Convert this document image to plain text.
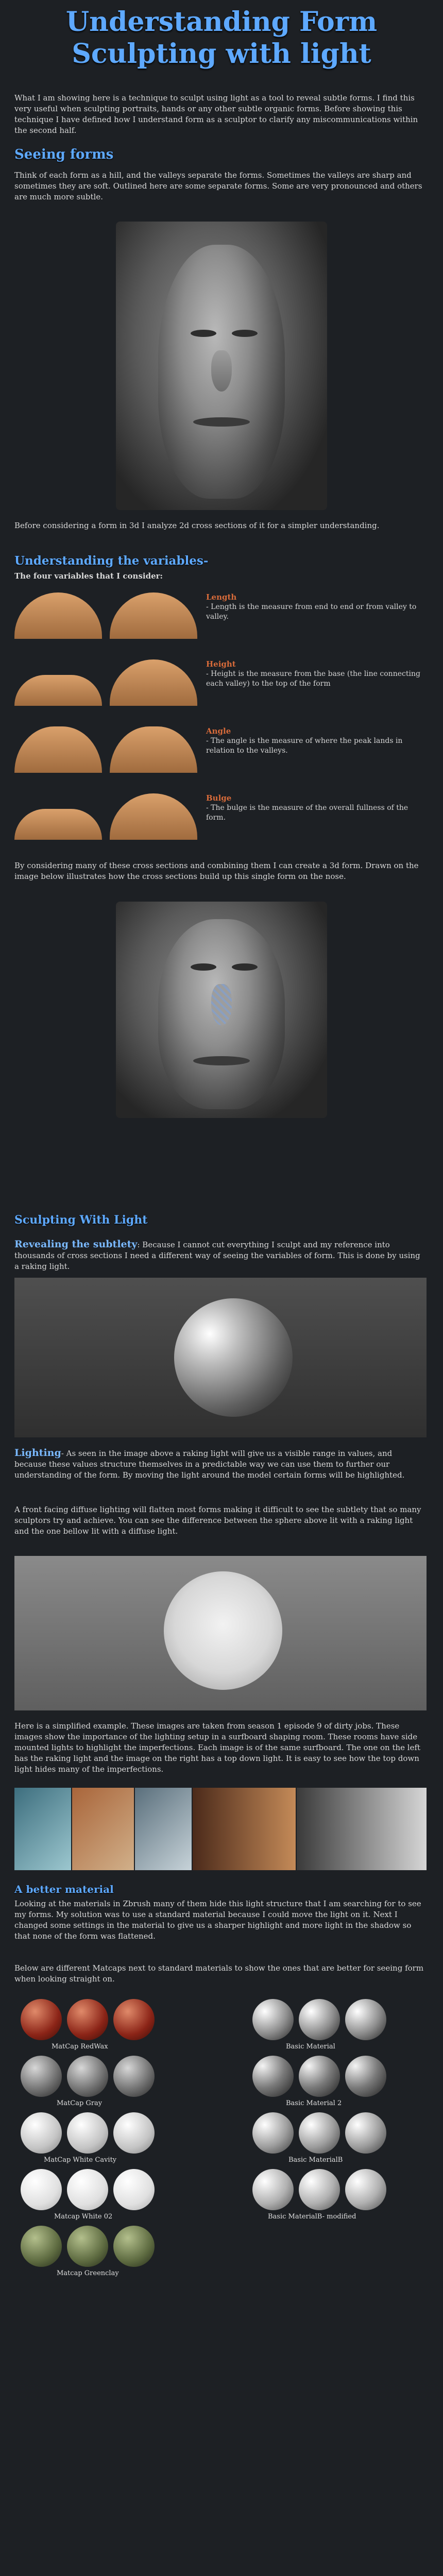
Understanding Form
Sculpting with light
What I am showing here is a technique to sculpt using light as a tool to reveal subtle forms. I find this very useful when sculpting portraits, hands or any other subtle organic forms. Before showing this technique I have defined how I understand form as a sculptor to clarify any miscommunications within the second half.
Seeing forms
Think of each form as a hill, and the valleys separate the forms. Sometimes the valleys are sharp and sometimes they are soft. Outlined here are some separate forms. Some are very pronounced and others are much more subtle.
Before considering a form in 3d I analyze 2d cross sections of it for a simpler understanding.
Understanding the variables-
The four variables that I consider:
Length
- Length is the measure from end to end or from valley to valley.
Height
- Height is the measure from the base (the line connecting each valley) to the top of the form
Angle
- The angle is the measure of where the peak lands in relation to the valleys.
Bulge
- The bulge is the measure of the overall fullness of the form.
By considering many of these cross sections and combining them I can create a 3d form. Drawn on the image below illustrates how the cross sections build up this single form on the nose.
Sculpting With Light
Revealing the subtlety: Because I cannot cut everything I sculpt and my reference into thousands of cross sections I need a different way of seeing the variables of form. This is done by using a raking light.
Lighting- As seen in the image above a raking light will give us a visible range in values, and because these values structure themselves in a predictable way we can use them to further our understanding of the form. By moving the light around the model certain forms will be highlighted.
A front facing diffuse lighting will flatten most forms making it difficult to see the subtlety that so many sculptors try and achieve. You can see the difference between the sphere above lit with a raking light and the one bellow lit with a diffuse light.
Here is a simplified example. These images are taken from season 1 episode 9 of dirty jobs. These images show the importance of the lighting setup in a surfboard shaping room. These rooms have side mounted lights to highlight the imperfections. Each image is of the same surfboard. The one on the left has the raking light and the image on the right has a top down light. It is easy to see how the top down light hides many of the imperfections.
A better material
Looking at the materials in Zbrush many of them hide this light structure that I am searching for to see my forms. My solution was to use a standard material because I could move the light on it. Next I changed some settings in the material to give us a sharper highlight and more light in the shadow so that none of the form was flattened.
Below are different Matcaps next to standard materials to show the ones that are better for seeing form when looking straight on.
MatCap RedWax	Basic Material
MatCap Gray	Basic Material 2
MatCap White Cavity	Basic MaterialB
Matcap White 02	Basic MaterialB- modified
Matcap Greenclay
